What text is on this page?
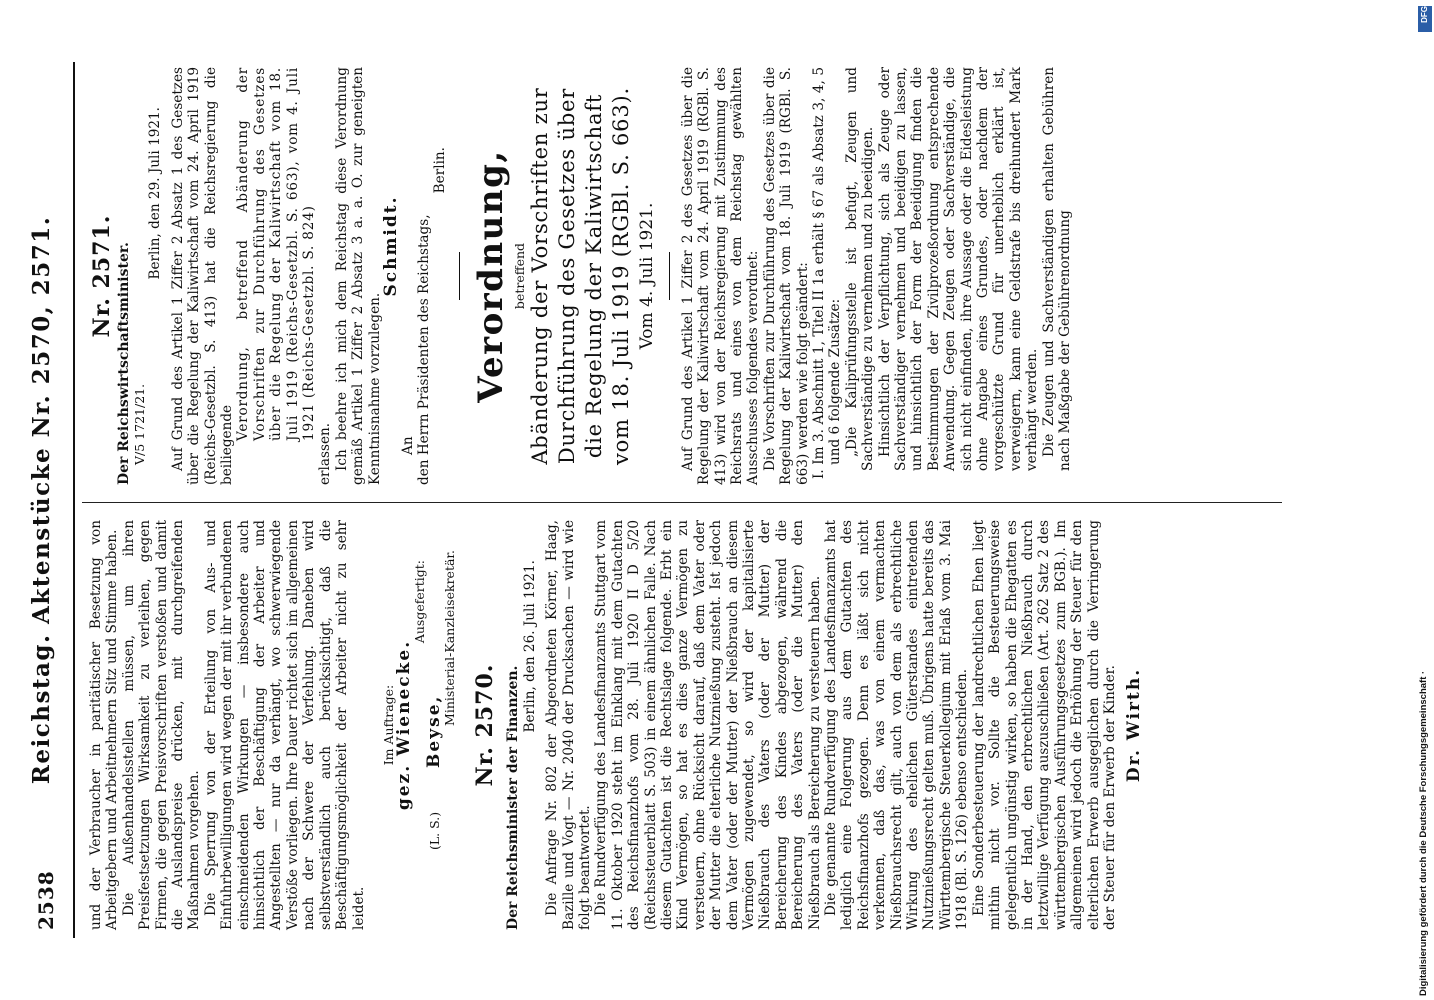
2538
Reichstag. Aktenstücke Nr. 2570, 2571. und der Verbraucher in paritätischer Besetzung von Arbeitgebern und Arbeitnehmern Sitz und Stimme haben. Die Außenhandelsstellen müssen, um ihren Preisfestsetzungen Wirksamkeit zu verleihen, gegen Firmen, die gegen Preisvorschriften verstoßen und damit die Auslandspreise drücken, mit durchgreifenden Maßnahmen vorgehen. Die Sperrung von der Erteilung von Aus- und Einfuhrbewilligungen wird wegen der mit ihr verbundenen einschneidenden Wirkungen — insbesondere auch hinsichtlich der Beschäftigung der Arbeiter und Angestellten — nur da verhängt, wo schwerwiegende Verstöße vorliegen. Ihre Dauer richtet sich im allgemeinen nach der Schwere der Verfehlung. Daneben wird selbstverständlich auch berücksichtigt, daß die Beschäftigungsmöglichkeit der Arbeiter nicht zu sehr leidet.

Im Auftrage:

gez. Wienecke.

Ausgefertigt:

(L. S.)  Beyse,

Ministerial-Kanzleisekretär. Nr. 2570. Der Reichsminister der Finanzen.

Berlin, den 26. Juli 1921. Die Anfrage Nr. 802 der Abgeordneten Körner, Haag, Bazille und Vogt — Nr. 2040 der Drucksachen — wird wie folgt beantwortet. Die Rundverfügung des Landesfinanzamts Stuttgart vom 11. Oktober 1920 steht im Einklang mit dem Gutachten des Reichsfinanzhofs vom 28. Juli 1920 II D 5/20 (Reichssteuerblatt S. 503) in einem ähnlichen Falle. Nach diesem Gutachten ist die Rechtslage folgende. Erbt ein Kind Vermögen, so hat es dies ganze Vermögen zu versteuern, ohne Rücksicht darauf, daß dem Vater oder der Mutter die elterliche Nutznießung zusteht. Ist jedoch dem Vater (oder der Mutter) der Nießbrauch an diesem Vermögen zugewendet, so wird der kapitalisierte Nießbrauch des Vaters (oder der Mutter) der Bereicherung des Kindes abgezogen, während die Bereicherung des Vaters (oder die Mutter) den Nießbrauch als Bereicherung zu versteuern haben. Die genannte Rundverfügung des Landesfinanzamts hat lediglich eine Folgerung aus dem Gutachten des Reichsfinanzhofs gezogen. Denn es läßt sich nicht verkennen, daß das, was von einem vermachten Nießbrauchsrecht gilt, auch von dem als erbrechtliche Wirkung des ehelichen Güterstandes eintretenden Nutznießungsrecht gelten muß. Übrigens hatte bereits das Württembergische Steuerkollegium mit Erlaß vom 3. Mai 1918 (Bl. S. 126) ebenso entschieden. Eine Sonderbesteuerung der landrechtlichen Ehen liegt mithin nicht vor. Sollte die Besteuerungsweise gelegentlich ungünstig wirken, so haben die Ehegatten es in der Hand, den erbrechtlichen Nießbrauch durch letztwillige Verfügung auszuschließen (Art. 262 Satz 2 des württembergischen Ausführungsgesetzes zum BGB.). Im allgemeinen wird jedoch die Erhöhung der Steuer für den elterlichen Erwerb ausgeglichen durch die Verringerung der Steuer für den Erwerb der Kinder. Dr. Wirth.

Nr. 2571. Der Reichswirtschaftsminister. V/5 1721/21.

Berlin, den 29. Juli 1921. Auf Grund des Artikel 1 Ziffer 2 Absatz 1 des Gesetzes über die Regelung der Kaliwirtschaft vom 24. April 1919 (Reichs-Gesetzbl. S. 413) hat die Reichsregierung die beiliegende

Verordnung, betreffend Abänderung der Vorschriften zur Durchführung des Gesetzes über die Regelung der Kaliwirtschaft vom 18. Juli 1919 (Reichs-Gesetzbl. S. 663), vom 4. Juli 1921 (Reichs-Gesetzbl. S. 824)

erlassen. Ich beehre ich mich dem Reichstag diese Verordnung gemäß Artikel 1 Ziffer 2 Absatz 3 a. a. O. zur geneigten Kenntnisnahme vorzulegen.

Schmidt.

An den Herrn Präsidenten des Reichstags,

Berlin. Verordnung, betreffend Abänderung der Vorschriften zur Durchführung des Gesetzes über die Regelung der Kaliwirtschaft vom 18. Juli 1919 (RGBl. S. 663). Vom 4. Juli 1921. Auf Grund des Artikel 1 Ziffer 2 des Gesetzes über die Regelung der Kaliwirtschaft vom 24. April 1919 (RGBl. S. 413) wird von der Reichsregierung mit Zustimmung des Reichsrats und eines von dem Reichstag gewählten Ausschusses folgendes verordnet: Die Vorschriften zur Durchführung des Gesetzes über die Regelung der Kaliwirtschaft vom 18. Juli 1919 (RGBl. S. 663) werden wie folgt geändert: I. Im 3. Abschnitt 1, Titel II 1a erhält § 67 als Absatz 3, 4, 5 und 6 folgende Zusätze: „Die Kaliprüfungsstelle ist befugt, Zeugen und Sachverständige zu vernehmen und zu beeidigen. Hinsichtlich der Verpflichtung, sich als Zeuge oder Sachverständiger vernehmen und beeidigen zu lassen, und hinsichtlich der Form der Beeidigung finden die Bestimmungen der Zivilprozeßordnung entsprechende Anwendung. Gegen Zeugen oder Sachverständige, die sich nicht einfinden, ihre Aussage oder die Eidesleistung ohne Angabe eines Grundes, oder nachdem der vorgeschützte Grund für unerheblich erklärt ist, verweigern, kann eine Geldstrafe bis dreihundert Mark verhängt werden. Die Zeugen und Sachverständigen erhalten Gebühren nach Maßgabe der Gebührenordnung

Digitalisierung gefördert durch die Deutsche Forschungsgemeinschaft ·
DFG
